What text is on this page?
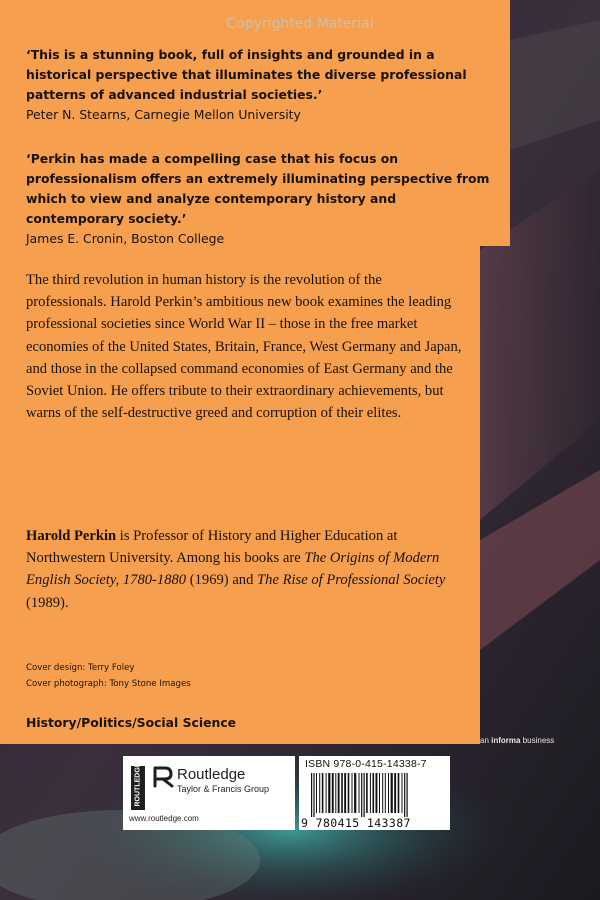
Copyrighted Material
‘This is a stunning book, full of insights and grounded in a historical perspective that illuminates the diverse professional patterns of advanced industrial societies.’
Peter N. Stearns, Carnegie Mellon University
‘Perkin has made a compelling case that his focus on professionalism offers an extremely illuminating perspective from which to view and analyze contemporary history and contemporary society.’
James E. Cronin, Boston College

The third revolution in human history is the revolution of the professionals. Harold Perkin’s ambitious new book examines the leading professional societies since World War II – those in the free market economies of the United States, Britain, France, West Germany and Japan, and those in the collapsed command economies of East Germany and the Soviet Union. He offers tribute to their extraordinary achievements, but warns of the self-destructive greed and corruption of their elites.

Harold Perkin is Professor of History and Higher Education at Northwestern University. Among his books are The Origins of Modern English Society, 1780-1880 (1969) and The Rise of Professional Society (1989).
Cover design: Terry Foley
Cover photograph: Tony Stone Images
History/Politics/Social Science
an informa business
ROUTLEDGE Routledge
Taylor & Francis Group
www.routledge.com
ISBN 978-0-415-14338-7
9 780415 143387
